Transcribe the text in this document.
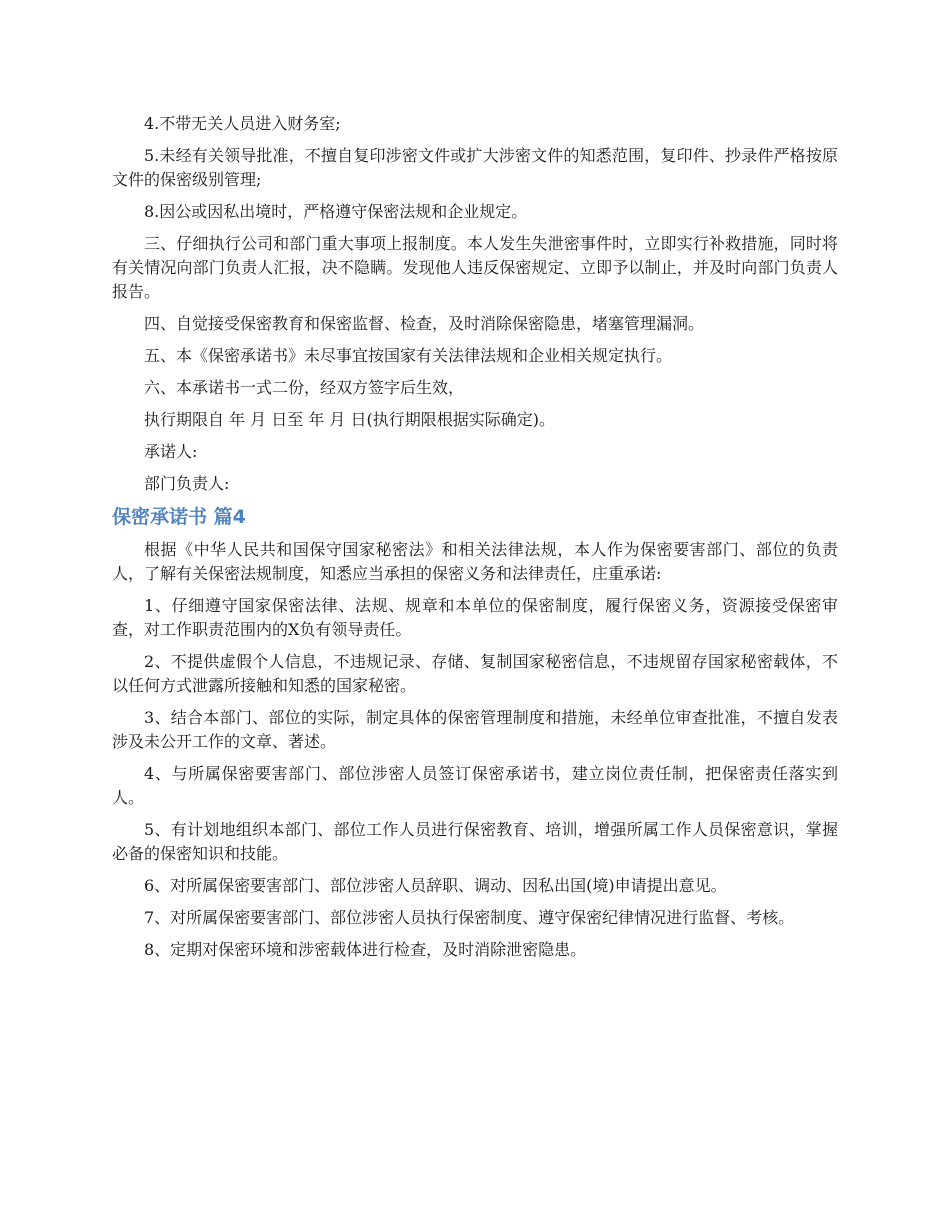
4.不带无关人员进入财务室;

5.未经有关领导批准，不擅自复印涉密文件或扩大涉密文件的知悉范围，复印件、抄录件严格按原文件的保密级别管理;

8.因公或因私出境时，严格遵守保密法规和企业规定。

三、仔细执行公司和部门重大事项上报制度。本人发生失泄密事件时，立即实行补救措施，同时将有关情况向部门负责人汇报，决不隐瞒。发现他人违反保密规定、立即予以制止，并及时向部门负责人报告。

四、自觉接受保密教育和保密监督、检查，及时消除保密隐患，堵塞管理漏洞。

五、本《保密承诺书》未尽事宜按国家有关法律法规和企业相关规定执行。

六、本承诺书一式二份，经双方签字后生效，

执行期限自 年 月 日至 年 月 日(执行期限根据实际确定)。

承诺人:

部门负责人:

保密承诺书 篇4

根据《中华人民共和国保守国家秘密法》和相关法律法规，本人作为保密要害部门、部位的负责人，了解有关保密法规制度，知悉应当承担的保密义务和法律责任，庄重承诺:

1、仔细遵守国家保密法律、法规、规章和本单位的保密制度，履行保密义务，资源接受保密审查，对工作职责范围内的X负有领导责任。

2、不提供虚假个人信息，不违规记录、存储、复制国家秘密信息，不违规留存国家秘密载体，不以任何方式泄露所接触和知悉的国家秘密。

3、结合本部门、部位的实际，制定具体的保密管理制度和措施，未经单位审查批准，不擅自发表涉及未公开工作的文章、著述。

4、与所属保密要害部门、部位涉密人员签订保密承诺书，建立岗位责任制，把保密责任落实到人。

5、有计划地组织本部门、部位工作人员进行保密教育、培训，增强所属工作人员保密意识，掌握必备的保密知识和技能。

6、对所属保密要害部门、部位涉密人员辞职、调动、因私出国(境)申请提出意见。

7、对所属保密要害部门、部位涉密人员执行保密制度、遵守保密纪律情况进行监督、考核。

8、定期对保密环境和涉密载体进行检查，及时消除泄密隐患。
